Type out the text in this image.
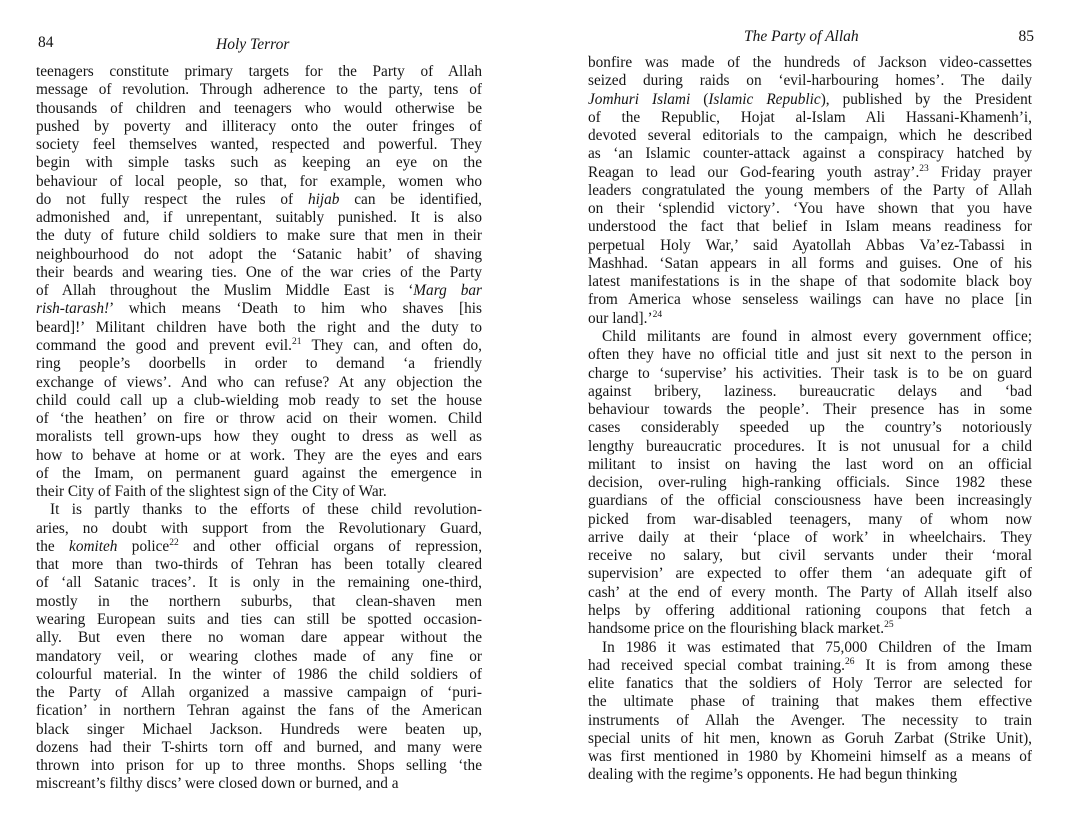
84	Holy Terror
teenagers constitute primary targets for the Party of Allah
message of revolution. Through adherence to the party, tens of
thousands of children and teenagers who would otherwise be
pushed by poverty and illiteracy onto the outer fringes of
society feel themselves wanted, respected and powerful. They
begin with simple tasks such as keeping an eye on the
behaviour of local people, so that, for example, women who
do not fully respect the rules of hijab can be identified,
admonished and, if unrepentant, suitably punished. It is also
the duty of future child soldiers to make sure that men in their
neighbourhood do not adopt the ‘Satanic habit’ of shaving
their beards and wearing ties. One of the war cries of the Party
of Allah throughout the Muslim Middle East is ‘Marg bar
rish-tarash!’ which means ‘Death to him who shaves [his
beard]!’ Militant children have both the right and the duty to
command the good and prevent evil.$^{21}$ They can, and often do,
ring people’s doorbells in order to demand ‘a friendly
exchange of views’. And who can refuse? At any objection the
child could call up a club-wielding mob ready to set the house
of ‘the heathen’ on fire or throw acid on their women. Child
moralists tell grown-ups how they ought to dress as well as
how to behave at home or at work. They are the eyes and ears
of the Imam, on permanent guard against the emergence in
their City of Faith of the slightest sign of the City of War.
It is partly thanks to the efforts of these child revolution-
aries, no doubt with support from the Revolutionary Guard,
the komiteh police$^{22}$ and other official organs of repression,
that more than two-thirds of Tehran has been totally cleared
of ‘all Satanic traces’. It is only in the remaining one-third,
mostly in the northern suburbs, that clean-shaven men
wearing European suits and ties can still be spotted occasion-
ally. But even there no woman dare appear without the
mandatory veil, or wearing clothes made of any fine or
colourful material. In the winter of 1986 the child soldiers of
the Party of Allah organized a massive campaign of ‘puri-
fication’ in northern Tehran against the fans of the American
black singer Michael Jackson. Hundreds were beaten up,
dozens had their T-shirts torn off and burned, and many were
thrown into prison for up to three months. Shops selling ‘the
miscreant’s filthy discs’ were closed down or burned, and a
The Party of Allah	85
bonfire was made of the hundreds of Jackson video-cassettes
seized during raids on ‘evil-harbouring homes’. The daily
Jomhuri Islami (Islamic Republic), published by the President
of the Republic, Hojat al-Islam Ali Hassani-Khamenh’i,
devoted several editorials to the campaign, which he described
as ‘an Islamic counter-attack against a conspiracy hatched by
Reagan to lead our God-fearing youth astray’.$^{23}$ Friday prayer
leaders congratulated the young members of the Party of Allah
on their ‘splendid victory’. ‘You have shown that you have
understood the fact that belief in Islam means readiness for
perpetual Holy War,’ said Ayatollah Abbas Va’ez-Tabassi in
Mashhad. ‘Satan appears in all forms and guises. One of his
latest manifestations is in the shape of that sodomite black boy
from America whose senseless wailings can have no place [in
our land].’$^{24}$
Child militants are found in almost every government office;
often they have no official title and just sit next to the person in
charge to ‘supervise’ his activities. Their task is to be on guard
against bribery, laziness. bureaucratic delays and ‘bad
behaviour towards the people’. Their presence has in some
cases considerably speeded up the country’s notoriously
lengthy bureaucratic procedures. It is not unusual for a child
militant to insist on having the last word on an official
decision, over-ruling high-ranking officials. Since 1982 these
guardians of the official consciousness have been increasingly
picked from war-disabled teenagers, many of whom now
arrive daily at their ‘place of work’ in wheelchairs. They
receive no salary, but civil servants under their ‘moral
supervision’ are expected to offer them ‘an adequate gift of
cash’ at the end of every month. The Party of Allah itself also
helps by offering additional rationing coupons that fetch a
handsome price on the flourishing black market.$^{25}$
In 1986 it was estimated that 75,000 Children of the Imam
had received special combat training.$^{26}$ It is from among these
elite fanatics that the soldiers of Holy Terror are selected for
the ultimate phase of training that makes them effective
instruments of Allah the Avenger. The necessity to train
special units of hit men, known as Goruh Zarbat (Strike Unit),
was first mentioned in 1980 by Khomeini himself as a means of
dealing with the regime’s opponents. He had begun thinking
